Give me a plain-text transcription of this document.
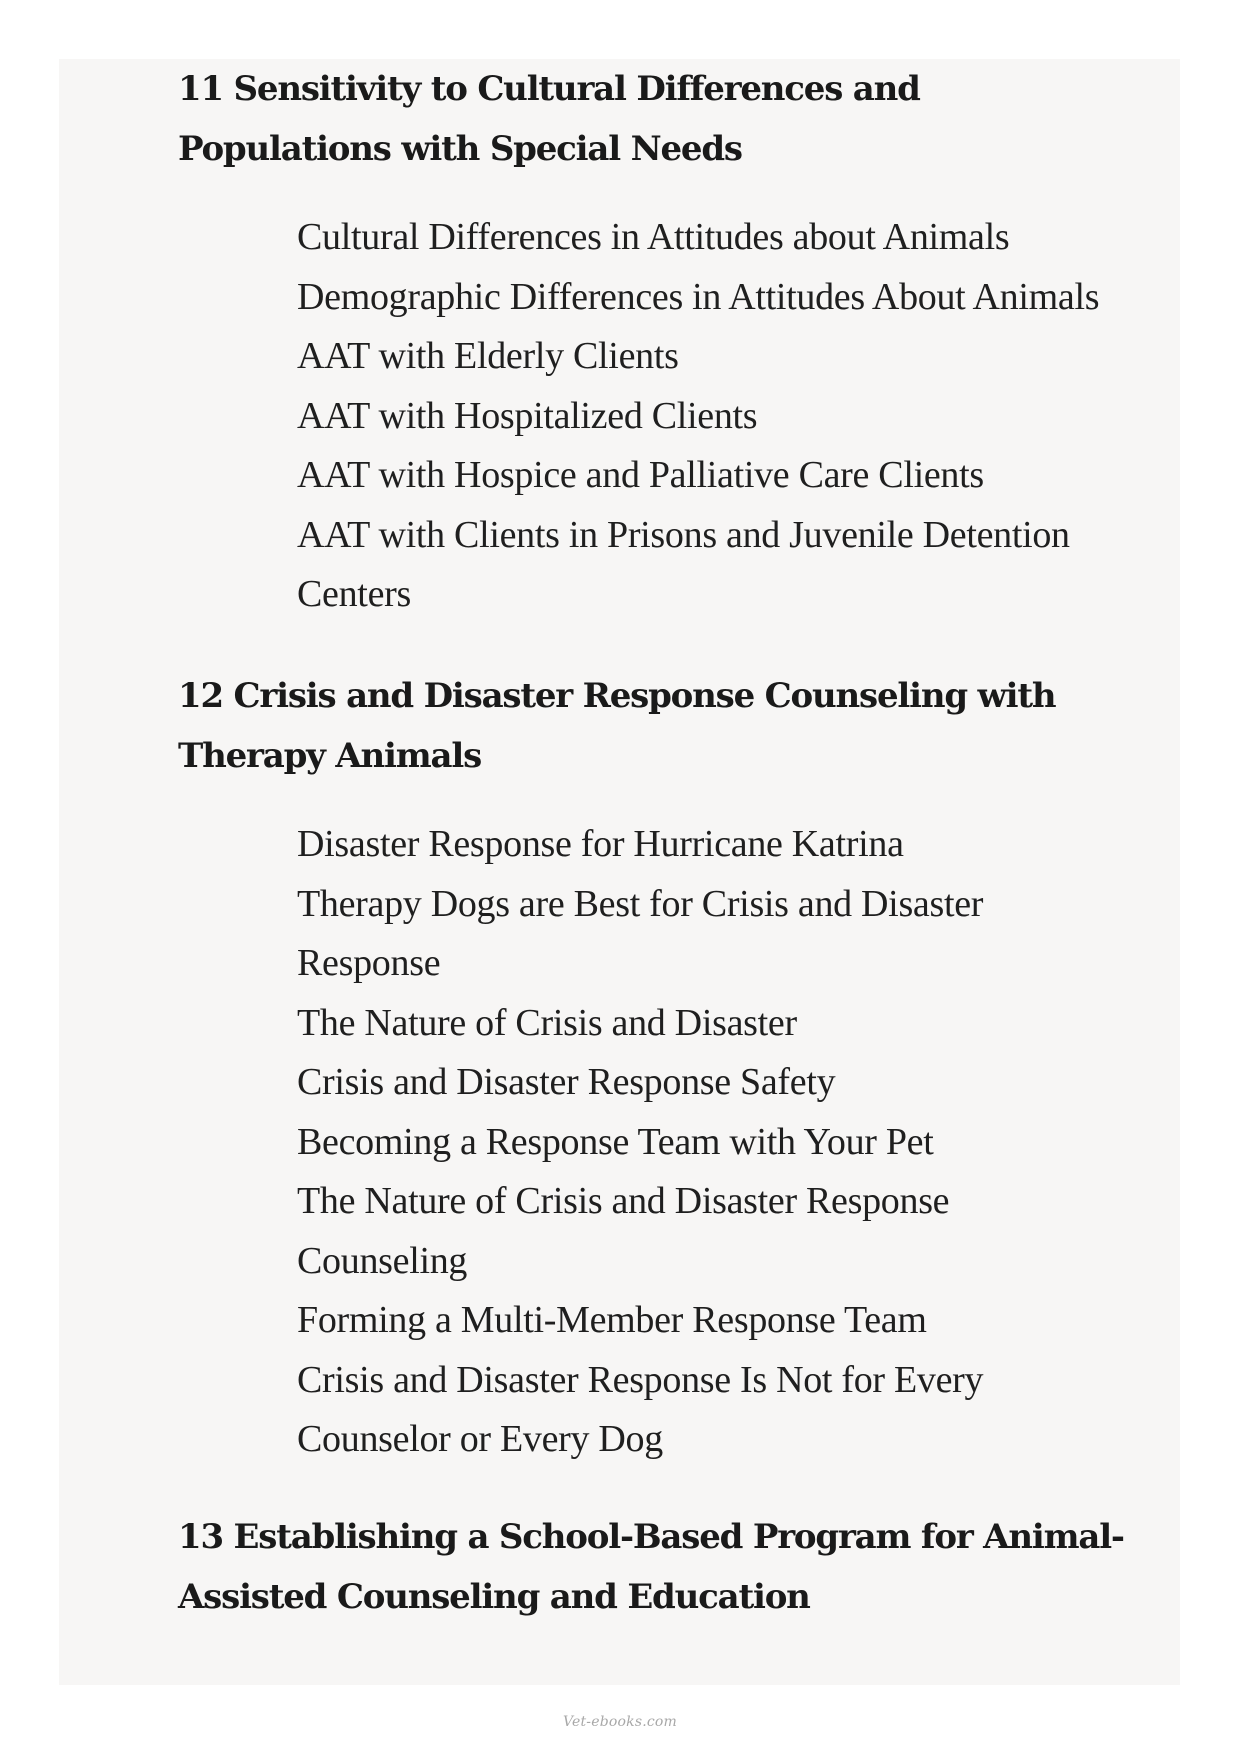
11 Sensitivity to Cultural Differences and
Populations with Special Needs
Cultural Differences in Attitudes about Animals
Demographic Differences in Attitudes About Animals
AAT with Elderly Clients
AAT with Hospitalized Clients
AAT with Hospice and Palliative Care Clients
AAT with Clients in Prisons and Juvenile Detention
Centers
12 Crisis and Disaster Response Counseling with
Therapy Animals
Disaster Response for Hurricane Katrina
Therapy Dogs are Best for Crisis and Disaster
Response
The Nature of Crisis and Disaster
Crisis and Disaster Response Safety
Becoming a Response Team with Your Pet
The Nature of Crisis and Disaster Response
Counseling
Forming a Multi-Member Response Team
Crisis and Disaster Response Is Not for Every
Counselor or Every Dog
13 Establishing a School-Based Program for Animal-
Assisted Counseling and Education
Vet-ebooks.com
